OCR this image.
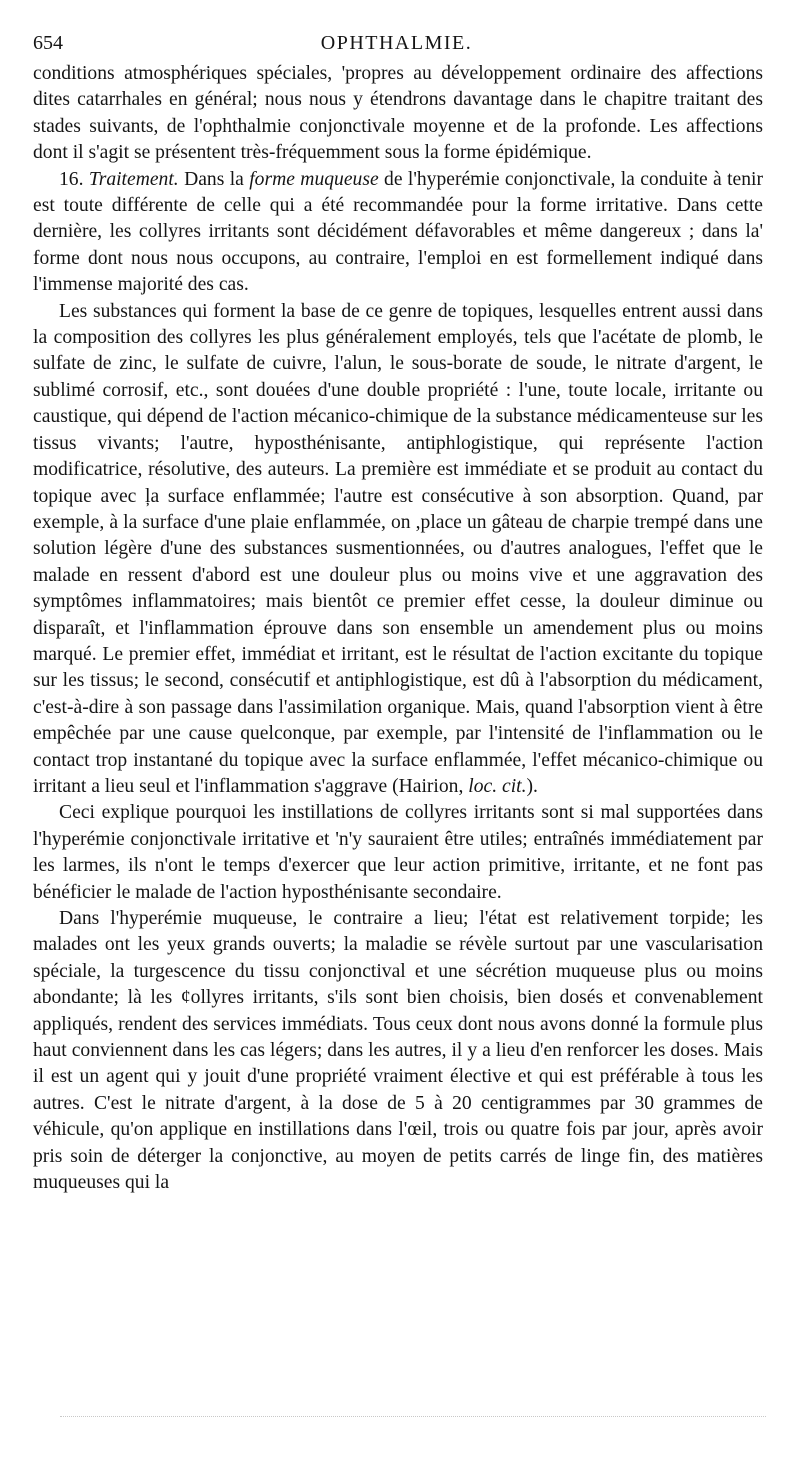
654	OPHTHALMIE.

conditions atmosphériques spéciales, 'propres au développement ordinaire des affections dites catarrhales en général; nous nous y étendrons davantage dans le chapitre traitant des stades suivants, de l'ophthalmie conjonctivale moyenne et de la profonde. Les affections dont il s'agit se présentent très-fréquemment sous la forme épidémique.

16. Traitement. Dans la forme muqueuse de l'hyperémie conjonctivale, la conduite à tenir est toute différente de celle qui a été recommandée pour la forme irritative. Dans cette dernière, les collyres irritants sont décidément défavorables et même dangereux ; dans la' forme dont nous nous occupons, au contraire, l'emploi en est formellement indiqué dans l'immense majorité des cas.

Les substances qui forment la base de ce genre de topiques, lesquelles entrent aussi dans la composition des collyres les plus généralement employés, tels que l'acétate de plomb, le sulfate de zinc, le sulfate de cuivre, l'alun, le sous-borate de soude, le nitrate d'argent, le sublimé corrosif, etc., sont douées d'une double propriété : l'une, toute locale, irritante ou caustique, qui dépend de l'action mécanico-chimique de la substance médicamenteuse sur les tissus vivants; l'autre, hyposthénisante, antiphlogistique, qui représente l'action modificatrice, résolutive, des auteurs. La première est immédiate et se produit au contact du topique avec ļa surface enflammée; l'autre est consécutive à son absorption. Quand, par exemple, à la surface d'une plaie enflammée, on ,place un gâteau de charpie trempé dans une solution légère d'une des substances susmentionnées, ou d'autres analogues, l'effet que le malade en ressent d'abord est une douleur plus ou moins vive et une aggravation des symptômes inflammatoires; mais bientôt ce premier effet cesse, la douleur diminue ou disparaît, et l'inflammation éprouve dans son ensemble un amendement plus ou moins marqué. Le premier effet, immédiat et irritant, est le résultat de l'action excitante du topique sur les tissus; le second, consécutif et antiphlogistique, est dû à l'absorption du médicament, c'est-à-dire à son passage dans l'assimilation organique. Mais, quand l'absorption vient à être empêchée par une cause quelconque, par exemple, par l'intensité de l'inflammation ou le contact trop instantané du topique avec la surface enflammée, l'effet mécanico-chimique ou irritant a lieu seul et l'inflammation s'aggrave (Hairion, loc. cit.).

Ceci explique pourquoi les instillations de collyres irritants sont si mal supportées dans l'hyperémie conjonctivale irritative et 'n'y sauraient être utiles; entraînés immédiatement par les larmes, ils n'ont le temps d'exercer que leur action primitive, irritante, et ne font pas bénéficier le malade de l'action hyposthénisante secondaire.

Dans l'hyperémie muqueuse, le contraire a lieu; l'état est relativement torpide; les malades ont les yeux grands ouverts; la maladie se révèle surtout par une vascularisation spéciale, la turgescence du tissu conjonctival et une sécrétion muqueuse plus ou moins abondante; là les ȼollyres irritants, s'ils sont bien choisis, bien dosés et convenablement appliqués, rendent des services immédiats. Tous ceux dont nous avons donné la formule plus haut conviennent dans les cas légers; dans les autres, il y a lieu d'en renforcer les doses. Mais il est un agent qui y jouit d'une propriété vraiment élective et qui est préférable à tous les autres. C'est le nitrate d'argent, à la dose de 5 à 20 centigrammes par 30 grammes de véhicule, qu'on applique en instillations dans l'œil, trois ou quatre fois par jour, après avoir pris soin de déterger la conjonctive, au moyen de petits carrés de linge fin, des matières muqueuses qui la
